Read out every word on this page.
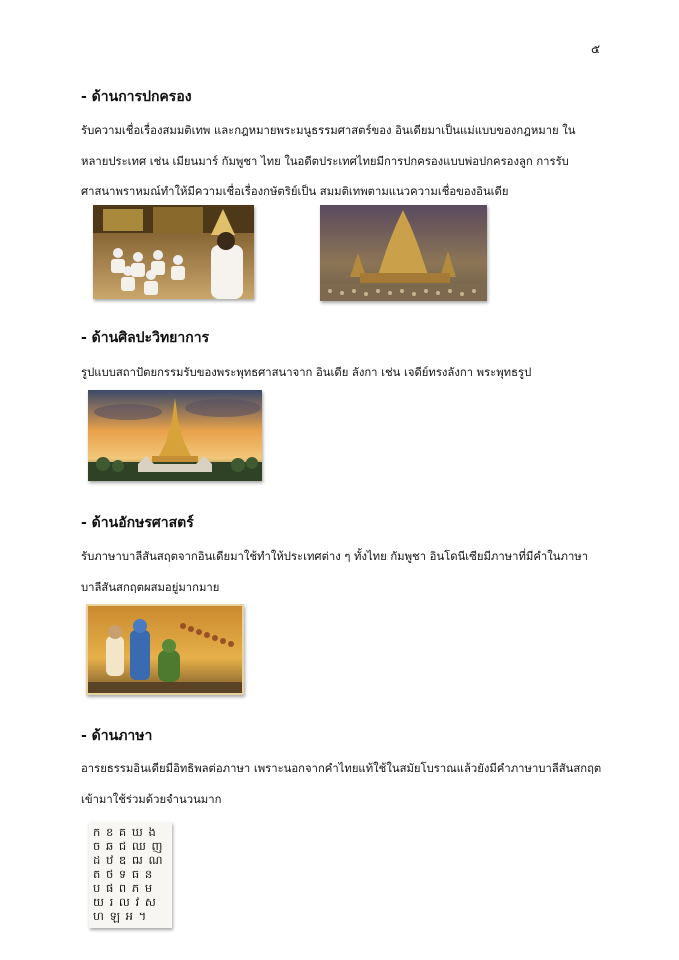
๕
- ด้านการปกครอง

รับความเชื่อเรื่องสมมติเทพ และกฎหมายพระมนูธรรมศาสตร์ของ อินเดียมาเป็นแม่แบบของกฎหมาย ใน
หลายประเทศ เช่น เมียนมาร์ กัมพูชา ไทย ในอดีตประเทศไทยมีการปกครองแบบพ่อปกครองลูก การรับ
ศาสนาพราหมณ์ทำให้มีความเชื่อเรื่องกษัตริย์เป็น สมมติเทพตามแนวความเชื่อของอินเดีย

- ด้านศิลปะวิทยาการ

รูปแบบสถาปัตยกรรมรับของพระพุทธศาสนาจาก อินเดีย ลังกา เช่น เจดีย์ทรงลังกา พระพุทธรูป

- ด้านอักษรศาสตร์

รับภาษาบาลีสันสฤตจากอินเดียมาใช้ทำให้ประเทศต่าง ๆ ทั้งไทย กัมพูชา อินโดนีเซียมีภาษาที่มีคำในภาษา
บาลีสันสกฤตผสมอยู่มากมาย

- ด้านภาษา

อารยธรรมอินเดียมีอิทธิพลต่อภาษา เพราะนอกจากคำไทยแท้ใช้ในสมัยโบราณแล้วยังมีคำภาษาบาลีสันสกฤต
เข้ามาใช้ร่วมด้วยจำนวนมาก

ក ខ គ ឃ ង
ច ឆ ជ ឈ ញ
ដ ឋ ឌ ឍ ណ
ត ថ ទ ធ ន
ប ផ ព ភ ម
យ រ ល វ ស
ហ ឡ អ ។
